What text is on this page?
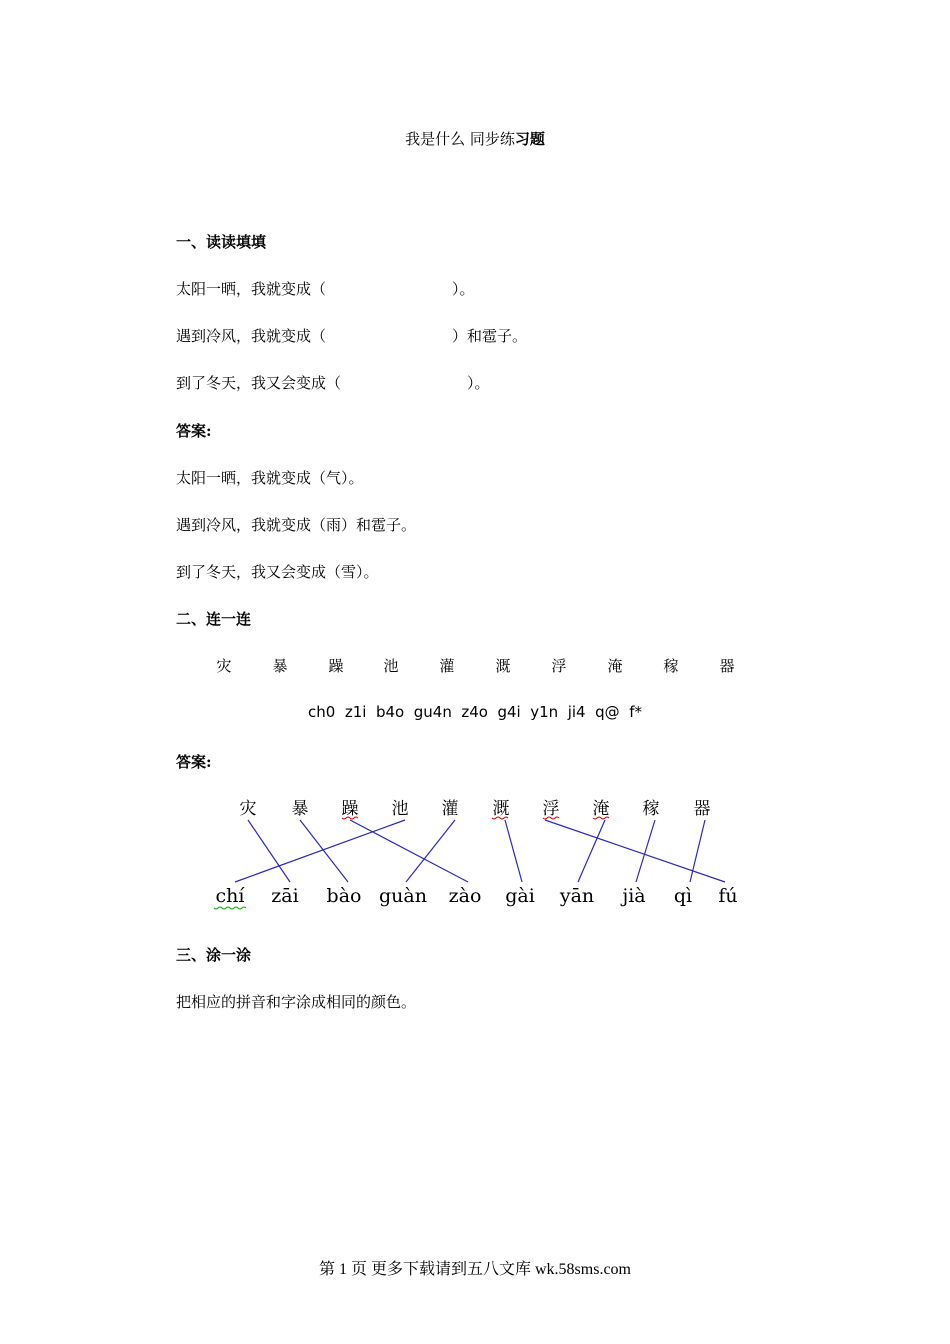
我是什么 同步练习题
一、读读填填
太阳一晒，我就变成（	）。
遇到冷风，我就变成（	）和雹子。
到了冬天，我又会变成（	）。
答案:
太阳一晒，我就变成（气）。
遇到冷风，我就变成（雨）和雹子。
到了冬天，我又会变成（雪）。
二、连一连
灾	暴	躁	池	灌	溉	浮	淹	稼	器
ch0  z1i  b4o  gu4n  z4o  g4i  y1n  ji4  q@  f*
答案:
灾 暴 躁 池 灌 溉 浮 淹 稼 器
chí zāi bào guàn zào gài yān jià qì fú
三、涂一涂
把相应的拼音和字涂成相同的颜色。
第 1 页 更多下载请到五八文库 wk.58sms.com
